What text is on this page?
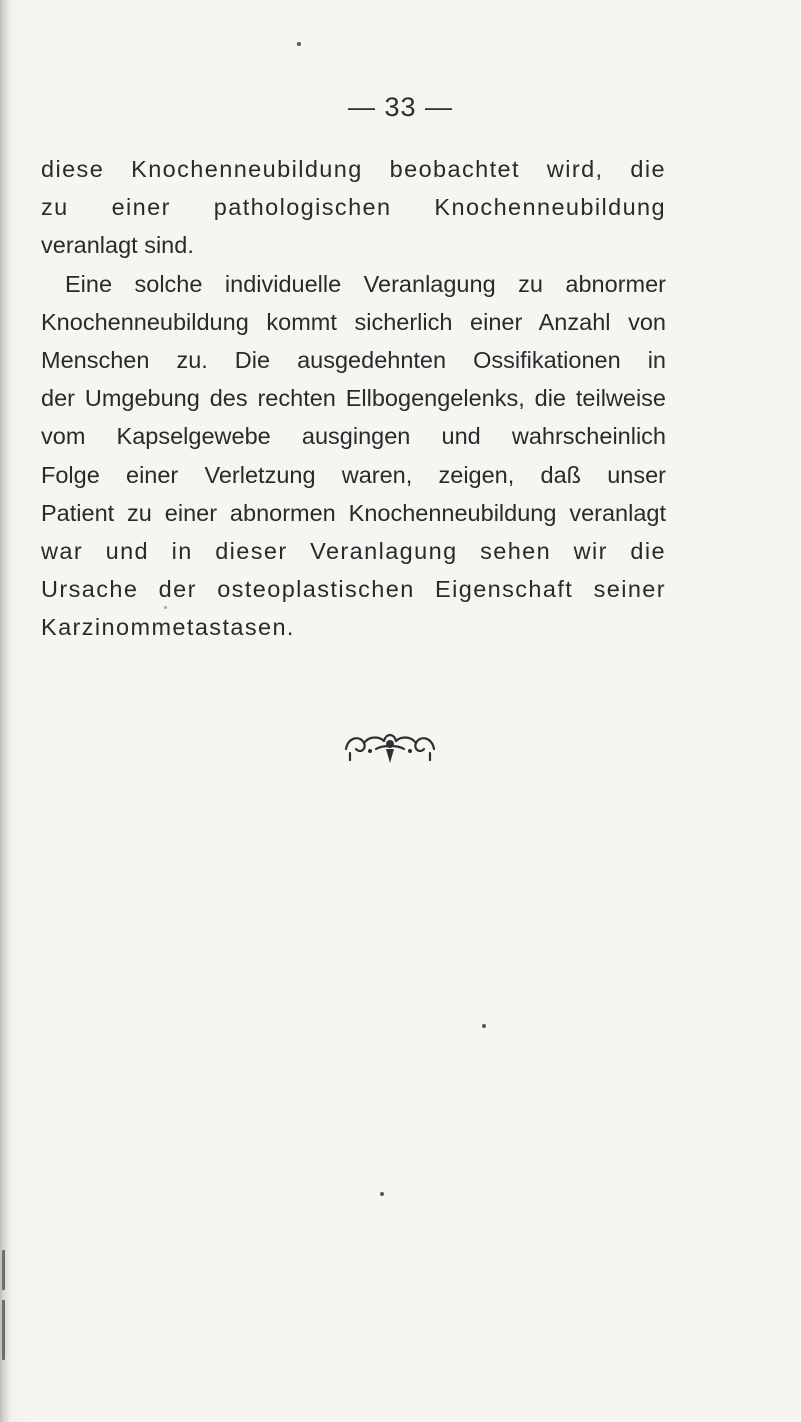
— 33 —
diese Knochenneubildung beobachtet wird, die
zu einer pathologischen Knochenneubildung
veranlagt sind.
Eine solche individuelle Veranlagung zu abnormer
Knochenneubildung kommt sicherlich einer Anzahl von
Menschen zu. Die ausgedehnten Ossifikationen in
der Umgebung des rechten Ellbogengelenks, die teilweise
vom Kapselgewebe ausgingen und wahrscheinlich
Folge einer Verletzung waren, zeigen, daß unser
Patient zu einer abnormen Knochenneubildung veranlagt
war und in dieser Veranlagung sehen wir die
Ursache der osteoplastischen Eigenschaft seiner
Karzinommetastasen.
